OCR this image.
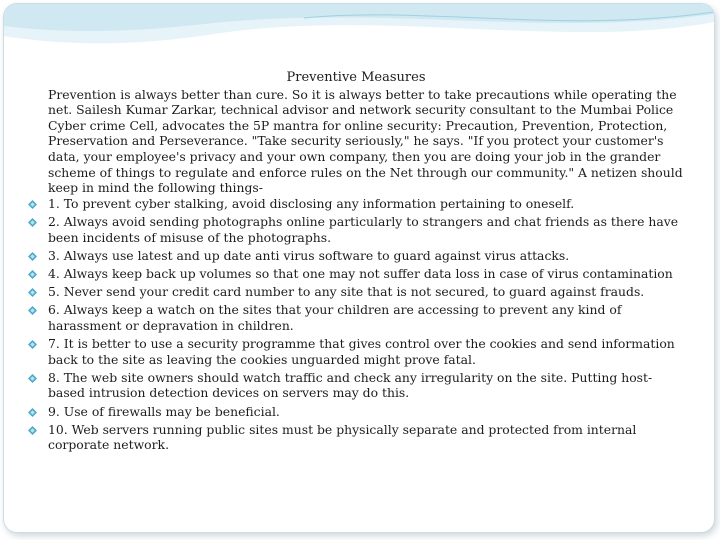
Preventive Measures
Prevention is always better than cure. So it is always better to take precautions while operating the net. Sailesh Kumar Zarkar, technical advisor and network security consultant to the Mumbai Police Cyber crime Cell, advocates the 5P mantra for online security: Precaution, Prevention, Protection, Preservation and Perseverance. "Take security seriously," he says. "If you protect your customer's data, your employee's privacy and your own company, then you are doing your job in the grander scheme of things to regulate and enforce rules on the Net through our community." A netizen should keep in mind the following things-
1. To prevent cyber stalking, avoid disclosing any information pertaining to oneself.
2. Always avoid sending photographs online particularly to strangers and chat friends as there have been incidents of misuse of the photographs.
3. Always use latest and up date anti virus software to guard against virus attacks.
4. Always keep back up volumes so that one may not suffer data loss in case of virus contamination
5. Never send your credit card number to any site that is not secured, to guard against frauds.
6. Always keep a watch on the sites that your children are accessing to prevent any kind of harassment or depravation in children.
7. It is better to use a security programme that gives control over the cookies and send information back to the site as leaving the cookies unguarded might prove fatal.
8. The web site owners should watch traffic and check any irregularity on the site. Putting host-based intrusion detection devices on servers may do this.
9. Use of firewalls may be beneficial.
10. Web servers running public sites must be physically separate and protected from internal corporate network.
